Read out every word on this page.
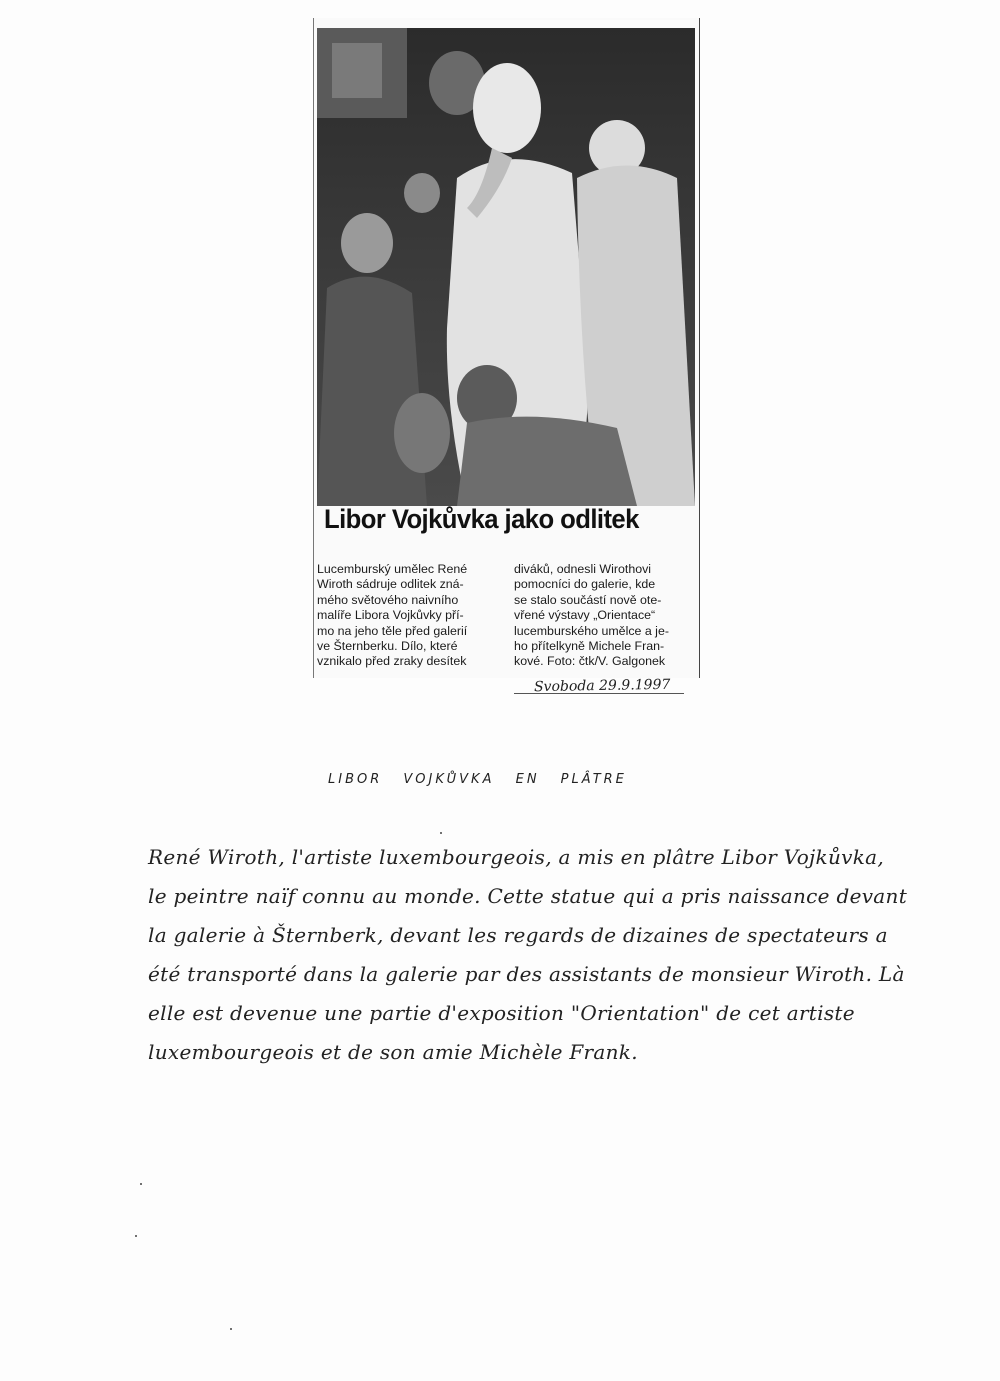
Libor Vojkůvka jako odlitek
Lucemburský umělec René
Wiroth sádruje odlitek zná-
mého světového naivního
malíře Libora Vojkůvky pří-
mo na jeho těle před galerií
ve Šternberku. Dílo, které
vznikalo před zraky desítek
diváků, odnesli Wirothovi
pomocníci do galerie, kde
se stalo součástí nově ote-
vřené výstavy „Orientace“
lucemburského umělce a je-
ho přítelkyně Michele Fran-
kové. Foto: čtk/V. Galgonek
Svoboda 29.9.1997
LIBOR VOJKŮVKA EN PLÂTRE
René Wiroth, l'artiste luxembourgeois, a mis en plâtre Libor Vojkůvka, le peintre naïf connu au monde. Cette statue qui a pris naissance devant la galerie à Šternberk, devant les regards de dizaines de spectateurs a été transporté dans la galerie par des assistants de monsieur Wiroth. Là elle est devenue une partie d'exposition "Orientation" de cet artiste luxembourgeois et de son amie Michèle Frank.
